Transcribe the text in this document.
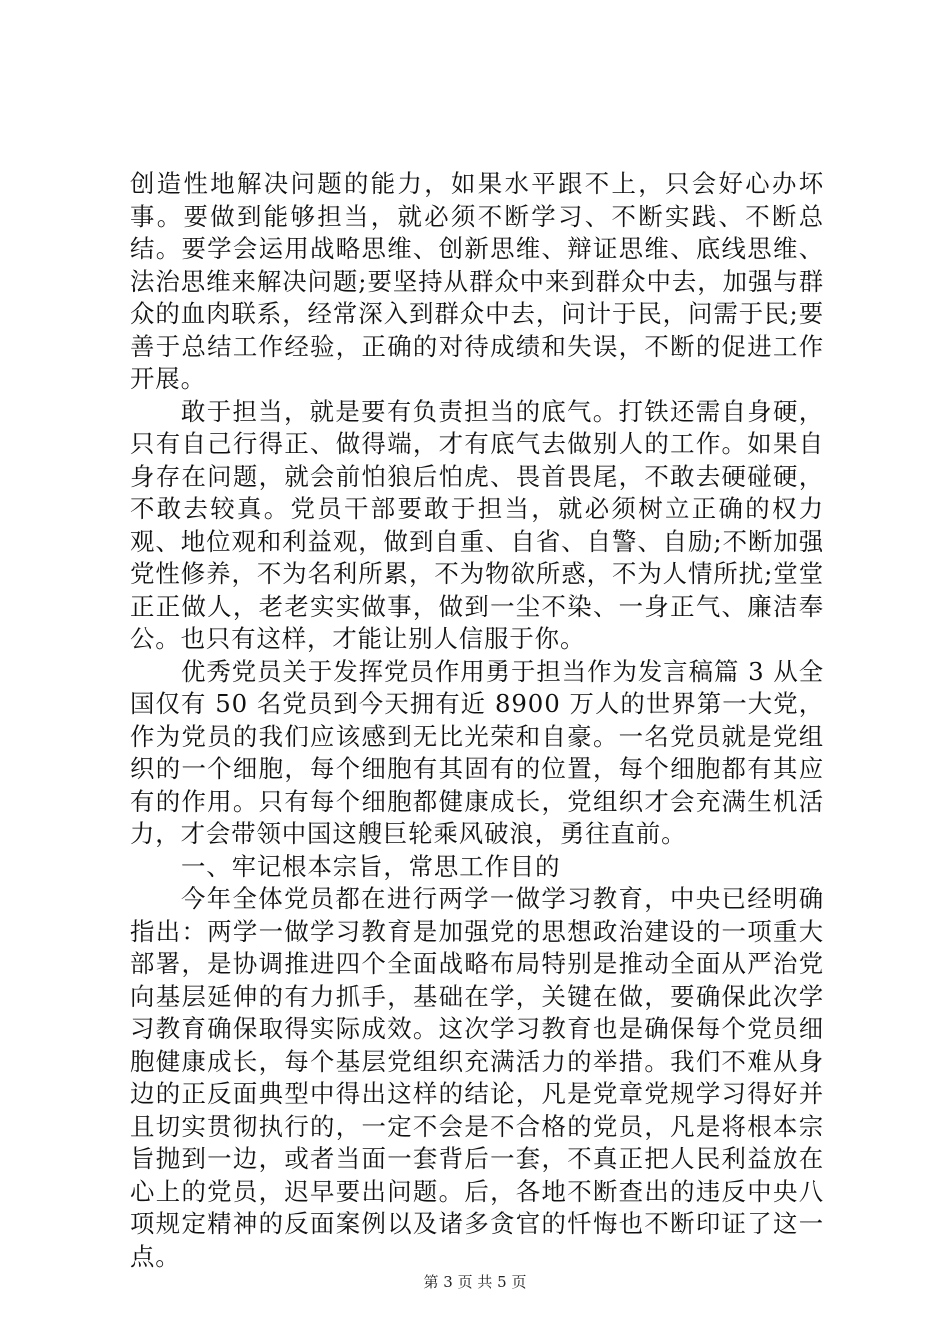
创造性地解决问题的能力，如果水平跟不上，只会好心办坏事。要做到能够担当，就必须不断学习、不断实践、不断总结。要学会运用战略思维、创新思维、辩证思维、底线思维、法治思维来解决问题;要坚持从群众中来到群众中去，加强与群众的血肉联系，经常深入到群众中去，问计于民，问需于民;要善于总结工作经验，正确的对待成绩和失误，不断的促进工作开展。

敢于担当，就是要有负责担当的底气。打铁还需自身硬，只有自己行得正、做得端，才有底气去做别人的工作。如果自身存在问题，就会前怕狼后怕虎、畏首畏尾，不敢去硬碰硬，不敢去较真。党员干部要敢于担当，就必须树立正确的权力观、地位观和利益观，做到自重、自省、自警、自励;不断加强党性修养，不为名利所累，不为物欲所惑，不为人情所扰;堂堂正正做人，老老实实做事，做到一尘不染、一身正气、廉洁奉公。也只有这样，才能让别人信服于你。

优秀党员关于发挥党员作用勇于担当作为发言稿篇 3 从全国仅有 50 名党员到今天拥有近 8900 万人的世界第一大党，作为党员的我们应该感到无比光荣和自豪。一名党员就是党组织的一个细胞，每个细胞有其固有的位置，每个细胞都有其应有的作用。只有每个细胞都健康成长，党组织才会充满生机活力，才会带领中国这艘巨轮乘风破浪，勇往直前。

一、牢记根本宗旨，常思工作目的

今年全体党员都在进行两学一做学习教育，中央已经明确指出：两学一做学习教育是加强党的思想政治建设的一项重大部署，是协调推进四个全面战略布局特别是推动全面从严治党向基层延伸的有力抓手，基础在学，关键在做，要确保此次学习教育确保取得实际成效。这次学习教育也是确保每个党员细胞健康成长，每个基层党组织充满活力的举措。我们不难从身边的正反面典型中得出这样的结论，凡是党章党规学习得好并且切实贯彻执行的，一定不会是不合格的党员，凡是将根本宗旨抛到一边，或者当面一套背后一套，不真正把人民利益放在心上的党员，迟早要出问题。后，各地不断查出的违反中央八项规定精神的反面案例以及诸多贪官的忏悔也不断印证了这一点。

第 3 页 共 5 页
